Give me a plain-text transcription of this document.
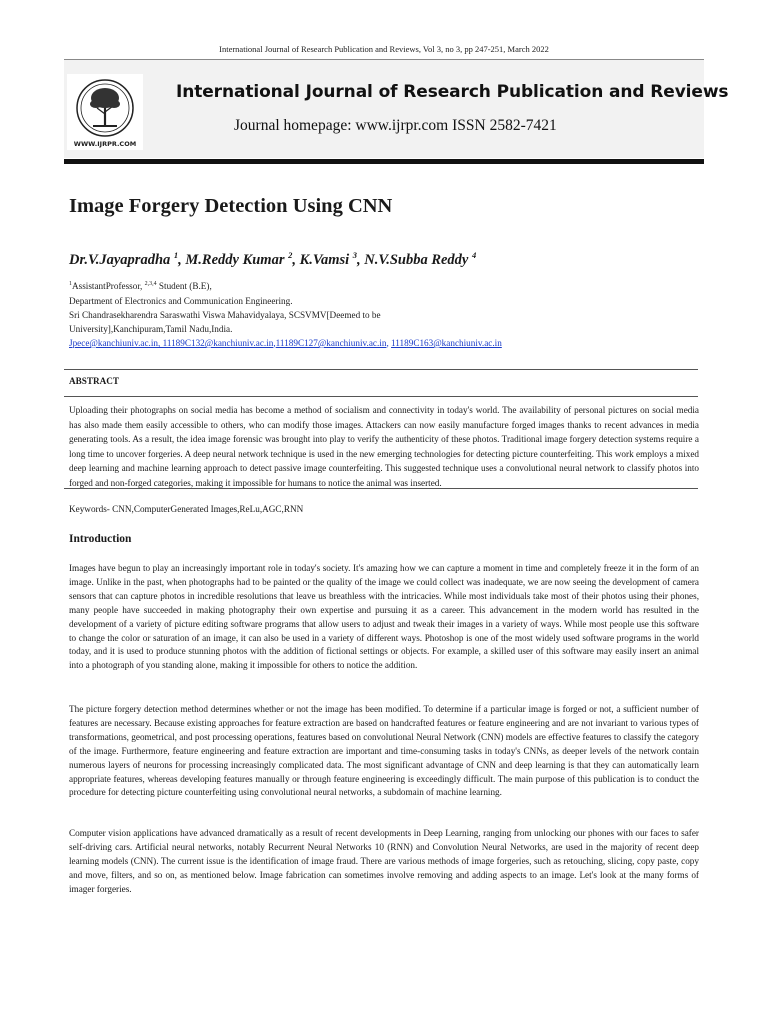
International Journal of Research Publication and Reviews, Vol 3, no 3, pp 247-251, March 2022
WWW.IJRPR.COM
International Journal of Research Publication and Reviews
Journal homepage: www.ijrpr.com ISSN 2582-7421
Image Forgery Detection Using CNN
Dr.V.Jayapradha $^1$, M.Reddy Kumar $^2$, K.Vamsi $^3$, N.V.Subba Reddy $^4$
$^1$AssistantProfessor, $^{2,3,4}$ Student (B.E),
Department of Electronics and Communication Engineering.
Sri Chandrasekharendra Saraswathi Viswa Mahavidyalaya, SCSVMV[Deemed to be
University],Kanchipuram,Tamil Nadu,India.
Jpece@kanchiuniv.ac.in, 11189C132@kanchiuniv.ac.in,11189C127@kanchiuniv.ac.in, 11189C163@kanchiuniv.ac.in
ABSTRACT
Uploading their photographs on social media has become a method of socialism and connectivity in today's world. The availability of personal pictures on social media has also made them easily accessible to others, who can modify those images. Attackers can now easily manufacture forged images thanks to recent advances in media generating tools. As a result, the idea image forensic was brought into play to verify the authenticity of these photos. Traditional image forgery detection systems require a long time to uncover forgeries. A deep neural network technique is used in the new emerging technologies for detecting picture counterfeiting. This work employs a mixed deep learning and machine learning approach to detect passive image counterfeiting. This suggested technique uses a convolutional neural network to classify photos into forged and non-forged categories, making it impossible for humans to notice the animal was inserted.
Keywords- CNN,ComputerGenerated Images,ReLu,AGC,RNN
Introduction
Images have begun to play an increasingly important role in today's society. It's amazing how we can capture a moment in time and completely freeze it in the form of an image. Unlike in the past, when photographs had to be painted or the quality of the image we could collect was inadequate, we are now seeing the development of camera sensors that can capture photos in incredible resolutions that leave us breathless with the intricacies. While most individuals take most of their photos using their phones, many people have succeeded in making photography their own expertise and pursuing it as a career. This advancement in the modern world has resulted in the development of a variety of picture editing software programs that allow users to adjust and tweak their images in a variety of ways. While most people use this software to change the color or saturation of an image, it can also be used in a variety of different ways. Photoshop is one of the most widely used software programs in the world today, and it is used to produce stunning photos with the addition of fictional settings or objects. For example, a skilled user of this software may easily insert an animal into a photograph of you standing alone, making it impossible for others to notice the addition.
The picture forgery detection method determines whether or not the image has been modified. To determine if a particular image is forged or not, a sufficient number of features are necessary. Because existing approaches for feature extraction are based on handcrafted features or feature engineering and are not invariant to various types of transformations, geometrical, and post processing operations, features based on convolutional Neural Network (CNN) models are effective features to classify the category of the image. Furthermore, feature engineering and feature extraction are important and time-consuming tasks in today's CNNs, as deeper levels of the network contain numerous layers of neurons for processing increasingly complicated data. The most significant advantage of CNN and deep learning is that they can automatically learn appropriate features, whereas developing features manually or through feature engineering is exceedingly difficult. The main purpose of this publication is to conduct the procedure for detecting picture counterfeiting using convolutional neural networks, a subdomain of machine learning.
Computer vision applications have advanced dramatically as a result of recent developments in Deep Learning, ranging from unlocking our phones with our faces to safer self-driving cars. Artificial neural networks, notably Recurrent Neural Networks 10 (RNN) and Convolution Neural Networks, are used in the majority of recent deep learning models (CNN). The current issue is the identification of image fraud. There are various methods of image forgeries, such as retouching, slicing, copy paste, copy and move, filters, and so on, as mentioned below. Image fabrication can sometimes involve removing and adding aspects to an image. Let's look at the many forms of imager forgeries.
